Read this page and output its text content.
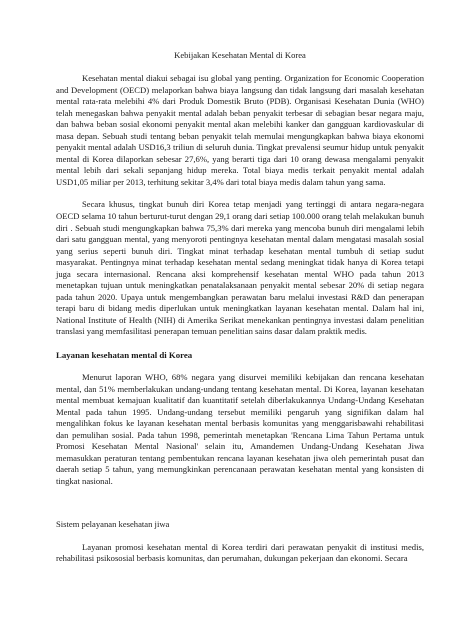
Kebijakan Kesehatan Mental di Korea

Kesehatan mental diakui sebagai isu global yang penting. Organization for Economic Cooperation and Development (OECD) melaporkan bahwa biaya langsung dan tidak langsung dari masalah kesehatan mental rata-rata melebihi 4% dari Produk Domestik Bruto (PDB). Organisasi Kesehatan Dunia (WHO) telah menegaskan bahwa penyakit mental adalah beban penyakit terbesar di sebagian besar negara maju, dan bahwa beban sosial ekonomi penyakit mental akan melebihi kanker dan gangguan kardiovaskular di masa depan. Sebuah studi tentang beban penyakit telah memulai mengungkapkan bahwa biaya ekonomi penyakit mental adalah USD16,3 triliun di seluruh dunia. Tingkat prevalensi seumur hidup untuk penyakit mental di Korea dilaporkan sebesar 27,6%, yang berarti tiga dari 10 orang dewasa mengalami penyakit mental lebih dari sekali sepanjang hidup mereka. Total biaya medis terkait penyakit mental adalah USD1,05 miliar per 2013, terhitung sekitar 3,4% dari total biaya medis dalam tahun yang sama.

Secara khusus, tingkat bunuh diri Korea tetap menjadi yang tertinggi di antara negara-negara OECD selama 10 tahun berturut-turut dengan 29,1 orang dari setiap 100.000 orang telah melakukan bunuh diri . Sebuah studi mengungkapkan bahwa 75,3% dari mereka yang mencoba bunuh diri mengalami lebih dari satu gangguan mental, yang menyoroti pentingnya kesehatan mental dalam mengatasi masalah sosial yang serius seperti bunuh diri. Tingkat minat terhadap kesehatan mental tumbuh di setiap sudut masyarakat. Pentingnya minat terhadap kesehatan mental sedang meningkat tidak hanya di Korea tetapi juga secara internasional. Rencana aksi komprehensif kesehatan mental WHO pada tahun 2013 menetapkan tujuan untuk meningkatkan penatalaksanaan penyakit mental sebesar 20% di setiap negara pada tahun 2020. Upaya untuk mengembangkan perawatan baru melalui investasi R&D dan penerapan terapi baru di bidang medis diperlukan untuk meningkatkan layanan kesehatan mental. Dalam hal ini, National Institute of Health (NIH) di Amerika Serikat menekankan pentingnya investasi dalam penelitian translasi yang memfasilitasi penerapan temuan penelitian sains dasar dalam praktik medis.

Layanan kesehatan mental di Korea

Menurut laporan WHO, 68% negara yang disurvei memiliki kebijakan dan rencana kesehatan mental, dan 51% memberlakukan undang-undang tentang kesehatan mental. Di Korea, layanan kesehatan mental membuat kemajuan kualitatif dan kuantitatif setelah diberlakukannya Undang-Undang Kesehatan Mental pada tahun 1995. Undang-undang tersebut memiliki pengaruh yang signifikan dalam hal mengalihkan fokus ke layanan kesehatan mental berbasis komunitas yang menggarisbawahi rehabilitasi dan pemulihan sosial. Pada tahun 1998, pemerintah menetapkan 'Rencana Lima Tahun Pertama untuk Promosi Kesehatan Mental Nasional' selain itu, Amandemen Undang-Undang Kesehatan Jiwa memasukkan peraturan tentang pembentukan rencana layanan kesehatan jiwa oleh pemerintah pusat dan daerah setiap 5 tahun, yang memungkinkan perencanaan perawatan kesehatan mental yang konsisten di tingkat nasional.

Sistem pelayanan kesehatan jiwa

Layanan promosi kesehatan mental di Korea terdiri dari perawatan penyakit di institusi medis, rehabilitasi psikososial berbasis komunitas, dan perumahan, dukungan pekerjaan dan ekonomi. Secara
